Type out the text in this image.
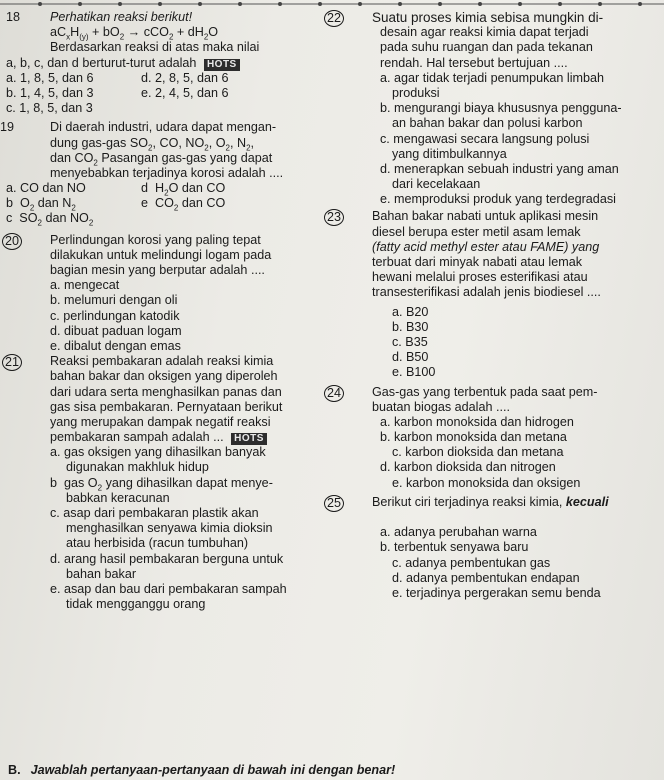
18	Perhatikan reaksi berikut!
$aC_xH_{(y)} + bO_2 \to cCO_2 + dH_2O$
Berdasarkan reaksi di atas maka nilai
a, b, c, dan d berturut-turut adalah HOTS
a. 1, 8, 5, dan 6	d. 2, 8, 5, dan 6
b. 1, 4, 5, dan 3	e. 2, 4, 5, dan 6
c. 1, 8, 5, dan 3
19	Di daerah industri, udara dapat mengan-
dung gas-gas $SO_2$, CO, $NO_2$, $O_2$, $N_2$,
dan $CO_2$ Pasangan gas-gas yang dapat
menyebabkan terjadinya korosi adalah ....
a. CO dan NO	d  $H_2O$ dan CO
b  $O_2$ dan $N_2$	e  $CO_2$ dan CO
c  $SO_2$ dan $NO_2$
20	Perlindungan korosi yang paling tepat
dilakukan untuk melindungi logam pada
bagian mesin yang berputar adalah ....
a. mengecat
b. melumuri dengan oli
c. perlindungan katodik
d. dibuat paduan logam
e. dibalut dengan emas
21	Reaksi pembakaran adalah reaksi kimia
bahan bakar dan oksigen yang diperoleh
dari udara serta menghasilkan panas dan
gas sisa pembakaran. Pernyataan berikut
yang merupakan dampak negatif reaksi
pembakaran sampah adalah ... HOTS
a. gas oksigen yang dihasilkan banyak
digunakan makhluk hidup
b  gas $O_2$ yang dihasilkan dapat menye-
babkan keracunan
c. asap dari pembakaran plastik akan
menghasilkan senyawa kimia dioksin
atau herbisida (racun tumbuhan)
d. arang hasil pembakaran berguna untuk
bahan bakar
e. asap dan bau dari pembakaran sampah
tidak mengganggu orang
22	Suatu proses kimia sebisa mungkin di-
desain agar reaksi kimia dapat terjadi
pada suhu ruangan dan pada tekanan
rendah. Hal tersebut bertujuan ....
a. agar tidak terjadi penumpukan limbah
produksi
b. mengurangi biaya khususnya pengguna-
an bahan bakar dan polusi karbon
c. mengawasi secara langsung polusi
yang ditimbulkannya
d. menerapkan sebuah industri yang aman
dari kecelakaan
e. memproduksi produk yang terdegradasi
23	Bahan bakar nabati untuk aplikasi mesin
diesel berupa ester metil asam lemak
(fatty acid methyl ester atau FAME) yang
terbuat dari minyak nabati atau lemak
hewani melalui proses esterifikasi atau
transesterifikasi adalah jenis biodiesel ....
a. B20
b. B30
c. B35
d. B50
e. B100
24	Gas-gas yang terbentuk pada saat pem-
buatan biogas adalah ....
a. karbon monoksida dan hidrogen
b. karbon monoksida dan metana
c. karbon dioksida dan metana
d. karbon dioksida dan nitrogen
e. karbon monoksida dan oksigen
25	Berikut ciri terjadinya reaksi kimia, kecuali
a. adanya perubahan warna
b. terbentuk senyawa baru
c. adanya pembentukan gas
d. adanya pembentukan endapan
e. terjadinya pergerakan semu benda
B. Jawablah pertanyaan-pertanyaan di bawah ini dengan benar!
